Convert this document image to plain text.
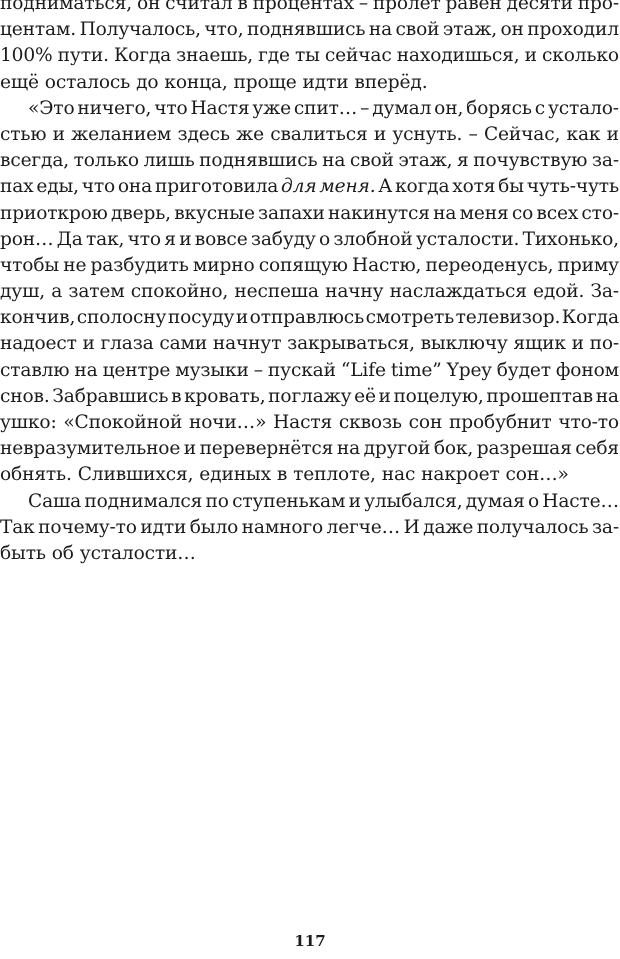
подниматься, он считал в процентах – пролет равен десяти про-
центам. Получалось, что, поднявшись на свой этаж, он проходил
100% пути. Когда знаешь, где ты сейчас находишься, и сколько
ещё осталось до конца, проще идти вперёд.
«Это ничего, что Настя уже спит… – думал он, борясь с устало-
стью и желанием здесь же свалиться и уснуть. – Сейчас, как и
всегда, только лишь поднявшись на свой этаж, я почувствую за-
пах еды, что она приготовила для меня. А когда хотя бы чуть-чуть
приоткрою дверь, вкусные запахи накинутся на меня со всех сто-
рон… Да так, что я и вовсе забуду о злобной усталости. Тихонько,
чтобы не разбудить мирно сопящую Настю, переоденусь, приму
душ, а затем спокойно, неспеша начну наслаждаться едой. За-
кончив, сполосну посуду и отправлюсь смотреть телевизор. Когда
надоест и глаза сами начнут закрываться, выключу ящик и по-
ставлю на центре музыки – пускай “Life time” Ypey будет фоном
снов. Забравшись в кровать, поглажу её и поцелую, прошептав на
ушко: «Спокойной ночи…» Настя сквозь сон пробубнит что-то
невразумительное и перевернётся на другой бок, разрешая себя
обнять. Слившихся, единых в теплоте, нас накроет сон…»
Саша поднимался по ступенькам и улыбался, думая о Насте…
Так почему-то идти было намного легче… И даже получалось за-
быть об усталости…
117
